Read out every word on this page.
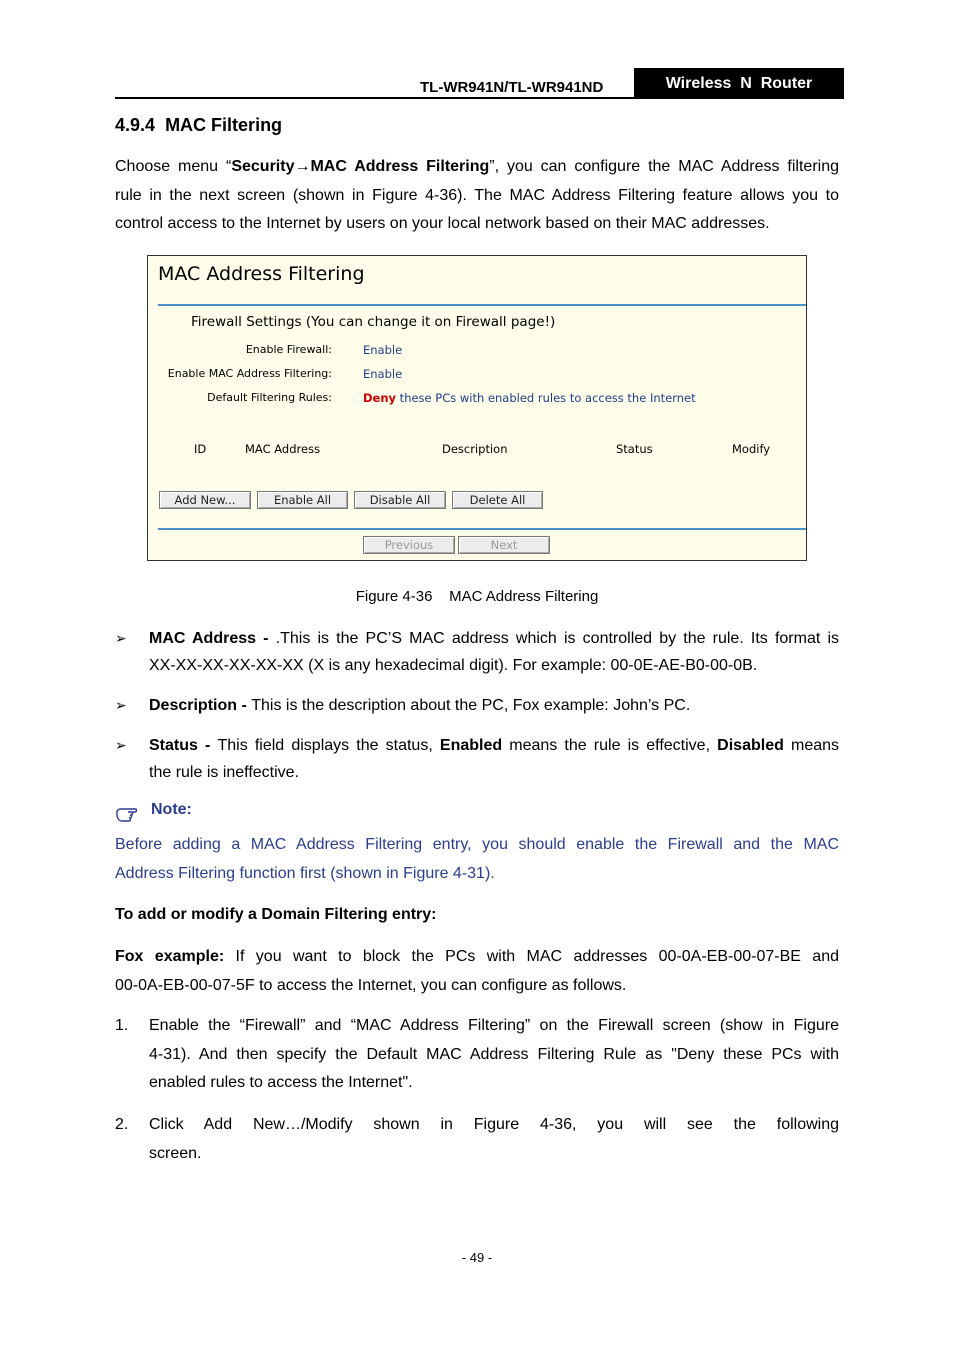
TL-WR941N/TL-WR941ND	Wireless  N  Router
4.9.4 MAC Filtering
Choose menu “Security→MAC Address Filtering”, you can configure the MAC Address filtering
rule in the next screen (shown in Figure 4-36). The MAC Address Filtering feature allows you to
control access to the Internet by users on your local network based on their MAC addresses.
MAC Address Filtering
Firewall Settings (You can change it on Firewall page!)
Enable Firewall:	Enable
Enable MAC Address Filtering:	Enable
Default Filtering Rules:	Deny these PCs with enabled rules to access the Internet
ID	MAC Address	Description	Status	Modify
Add New...	Enable All	Disable All	Delete All
Previous	Next
Figure 4-36    MAC Address Filtering
➢ MAC Address - .This is the PC’S MAC address which is controlled by the rule. Its format is
XX-XX-XX-XX-XX-XX (X is any hexadecimal digit). For example: 00-0E-AE-B0-00-0B.
➢ Description - This is the description about the PC, Fox example: John’s PC.
➢ Status - This field displays the status, Enabled means the rule is effective, Disabled means
the rule is ineffective.
Note:
Before adding a MAC Address Filtering entry, you should enable the Firewall and the MAC
Address Filtering function first (shown in Figure 4-31).
To add or modify a Domain Filtering entry:
Fox example: If you want to block the PCs with MAC addresses 00-0A-EB-00-07-BE and
00-0A-EB-00-07-5F to access the Internet, you can configure as follows.
1. Enable the “Firewall” and “MAC Address Filtering” on the Firewall screen (show in Figure
4-31). And then specify the Default MAC Address Filtering Rule as "Deny these PCs with
enabled rules to access the Internet".
2. Click Add New…/Modify shown in Figure 4-36, you will see the following
screen.
- 49 -
